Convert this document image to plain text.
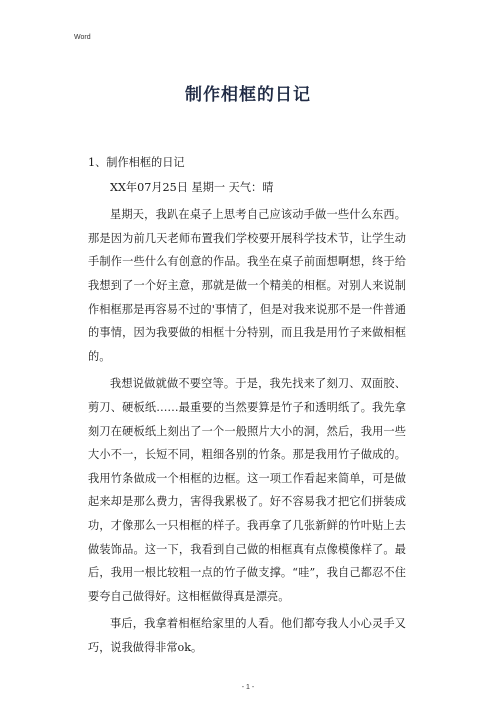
Word
制作相框的日记
1、制作相框的日记

XX年07月25日 星期一 天气：晴

星期天，我趴在桌子上思考自己应该动手做一些什么东西。那是因为前几天老师布置我们学校要开展科学技术节，让学生动手制作一些什么有创意的作品。我坐在桌子前面想啊想，终于给我想到了一个好主意，那就是做一个精美的相框。对别人来说制作相框那是再容易不过的'事情了，但是对我来说那不是一件普通的事情，因为我要做的相框十分特别，而且我是用竹子来做相框的。

我想说做就做不要空等。于是，我先找来了刻刀、双面胶、剪刀、硬板纸……最重要的当然要算是竹子和透明纸了。我先拿刻刀在硬板纸上刻出了一个一般照片大小的洞，然后，我用一些大小不一，长短不同，粗细各别的竹条。那是我用竹子做成的。我用竹条做成一个相框的边框。这一项工作看起来简单，可是做起来却是那么费力，害得我累极了。好不容易我才把它们拼装成功，才像那么一只相框的样子。我再拿了几张新鲜的竹叶贴上去做装饰品。这一下，我看到自己做的相框真有点像模像样了。最后，我用一根比较粗一点的竹子做支撑。“哇”，我自己都忍不住要夸自己做得好。这相框做得真是漂亮。

事后，我拿着相框给家里的人看。他们都夸我人小心灵手又巧，说我做得非常ok。

- 1 -
